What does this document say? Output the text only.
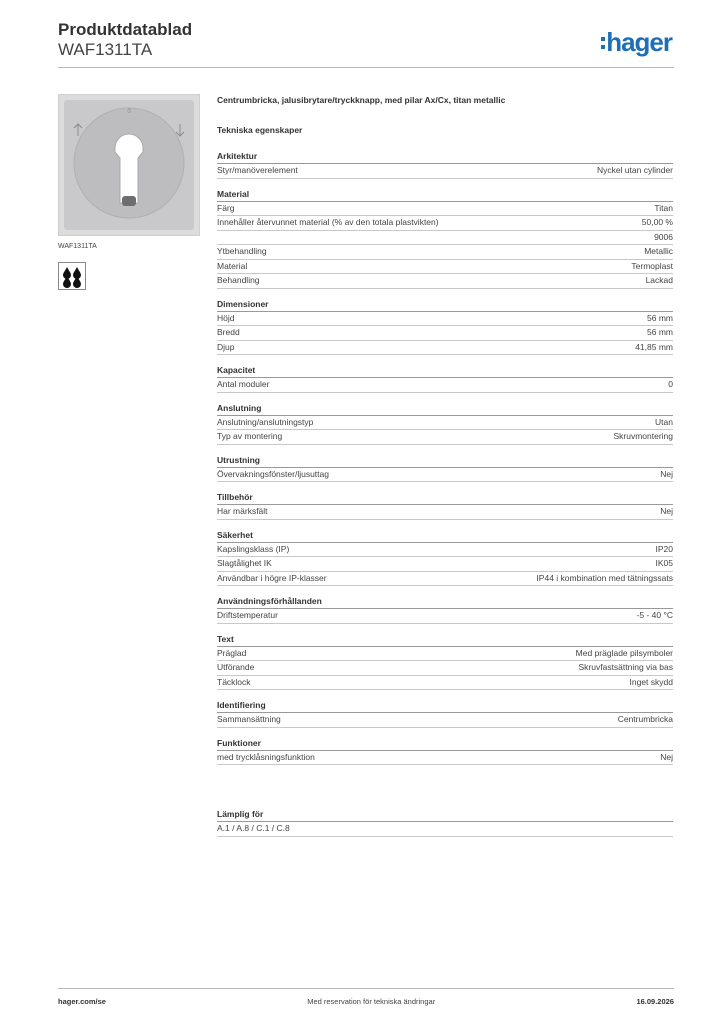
Produktdatablad
WAF1311TA	hager
0
WAF1311TA
Centrumbricka, jalusibrytare/tryckknapp, med pilar Ax/Cx, titan metallic
Tekniska egenskaper
Arkitektur
Styr/manöverelement	Nyckel utan cylinder
Material
Färg	Titan
Innehåller återvunnet material (% av den totala plastvikten)	50,00 %
9006
Ytbehandling	Metallic
Material	Termoplast
Behandling	Lackad
Dimensioner
Höjd	56 mm
Bredd	56 mm
Djup	41,85 mm
Kapacitet
Antal moduler	0
Anslutning
Anslutning/anslutningstyp	Utan
Typ av montering	Skruvmontering
Utrustning
Övervakningsfönster/ljusuttag	Nej
Tillbehör
Har märksfält	Nej
Säkerhet
Kapslingsklass (IP)	IP20
Slagtålighet IK	IK05
Användbar i högre IP-klasser	IP44 i kombination med tätningssats
Användningsförhållanden
Driftstemperatur	-5 - 40 °C
Text
Präglad	Med präglade pilsymboler
Utförande	Skruvfastsättning via bas
Täcklock	Inget skydd
Identifiering
Sammansättning	Centrumbricka
Funktioner
med trycklåsningsfunktion	Nej
Lämplig för
A.1 / A.8 / C.1 / C.8
hager.com/se	Med reservation för tekniska ändringar	16.09.2026
